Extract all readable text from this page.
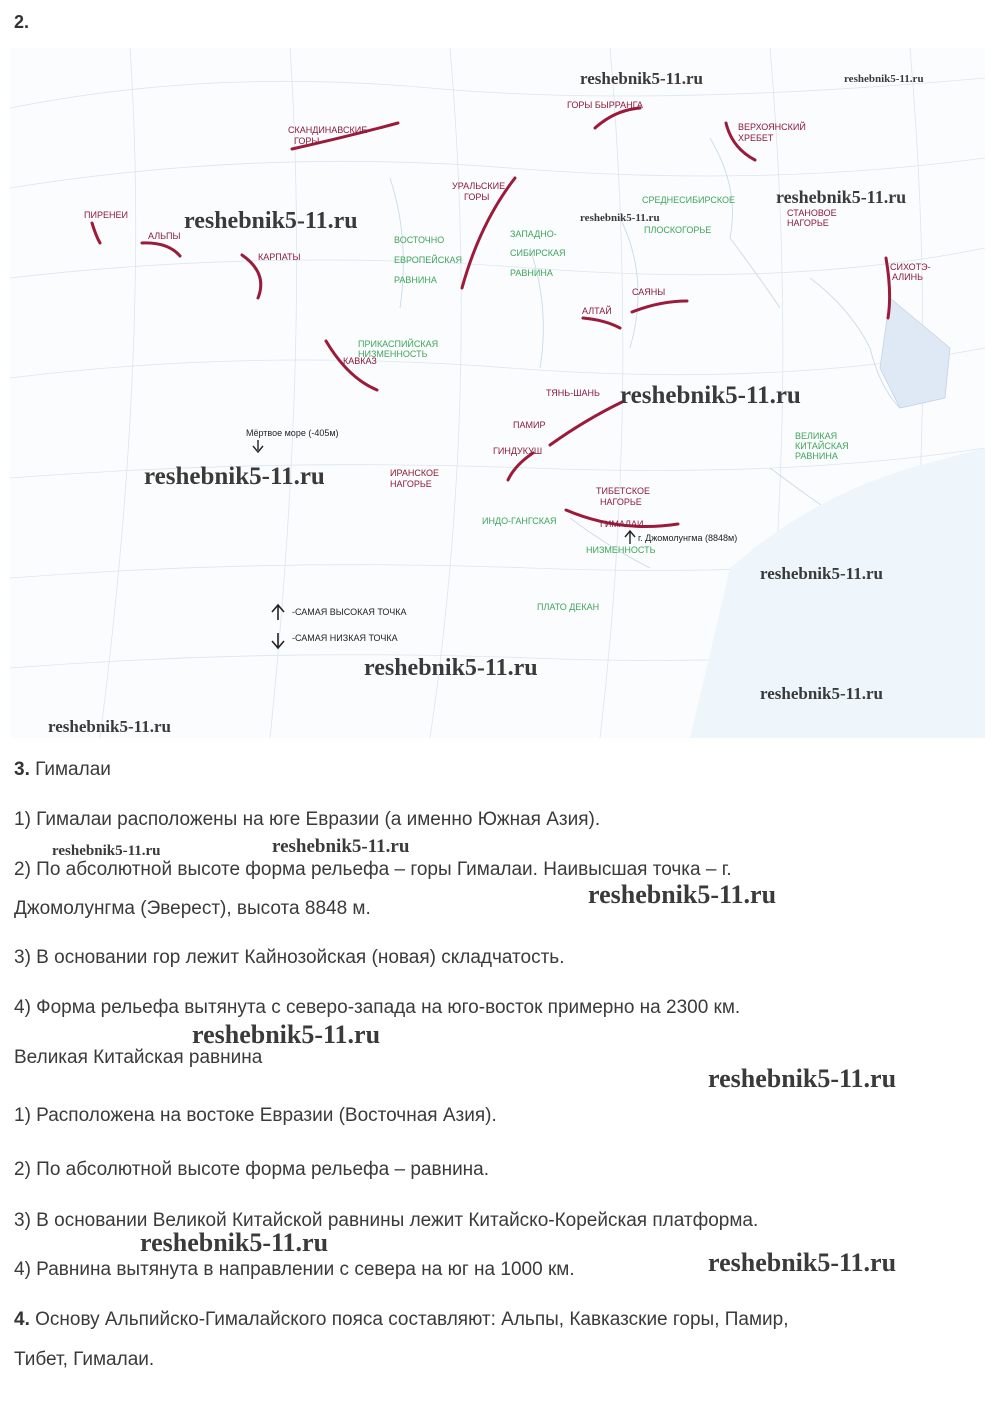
2.
СКАНДИНАВСКИЕ
ГОРЫ
ПИРЕНЕИ
АЛЬПЫ
КАРПАТЫ
УРАЛЬСКИЕ
ГОРЫ
ГОРЫ БЫРРАНГА
ВЕРХОЯНСКИЙ
ХРЕБЕТ
СТАНОВОЕ
НАГОРЬЕ
СИХОТЭ-
АЛИНЬ
АЛТАЙ
САЯНЫ
КАВКАЗ
ТЯНЬ-ШАНЬ
ПАМИР
ГИНДУКУШ
ТИБЕТСКОЕ
НАГОРЬЕ
ГИМАЛАИ
ИРАНСКОЕ
НАГОРЬЕ
ВОСТОЧНО
ЕВРОПЕЙСКАЯ
РАВНИНА
ЗАПАДНО-
СИБИРСКАЯ
РАВНИНА
СРЕДНЕСИБИРСКОЕ
ПЛОСКОГОРЬЕ
ПРИКАСПИЙСКАЯ
НИЗМЕННОСТЬ
ВЕЛИКАЯ
КИТАЙСКАЯ
РАВНИНА
ИНДО-ГАНГСКАЯ
НИЗМЕННОСТЬ
ПЛАТО ДЕКАН
Мёртвое море (-405м)
г. Джомолунгма (8848м)
-САМАЯ ВЫСОКАЯ ТОЧКА
-САМАЯ НИЗКАЯ ТОЧКА
reshebnik5-11.ru	reshebnik5-11.ru
reshebnik5-11.ru	reshebnik5-11.ru
reshebnik5-11.ru
reshebnik5-11.ru
reshebnik5-11.ru
reshebnik5-11.ru
reshebnik5-11.ru
reshebnik5-11.ru
reshebnik5-11.ru
3. Гималаи
1) Гималаи расположены на юге Евразии (а именно Южная Азия).
2) По абсолютной высоте форма рельефа – горы Гималаи. Наивысшая точка – г.
Джомолунгма (Эверест), высота 8848 м.
3) В основании гор лежит Кайнозойская (новая) складчатость.
4) Форма рельефа вытянута с северо-запада на юго-восток примерно на 2300 км.
Великая Китайская равнина
1) Расположена на востоке Евразии (Восточная Азия).
2) По абсолютной высоте форма рельефа – равнина.
3) В основании Великой Китайской равнины лежит Китайско-Корейская платформа.
4) Равнина вытянута в направлении с севера на юг на 1000 км.
4. Основу Альпийско-Гималайского пояса составляют: Альпы, Кавказские горы, Памир,
Тибет, Гималаи.
reshebnik5-11.ru	reshebnik5-11.ru
reshebnik5-11.ru
reshebnik5-11.ru
reshebnik5-11.ru
reshebnik5-11.ru
reshebnik5-11.ru
